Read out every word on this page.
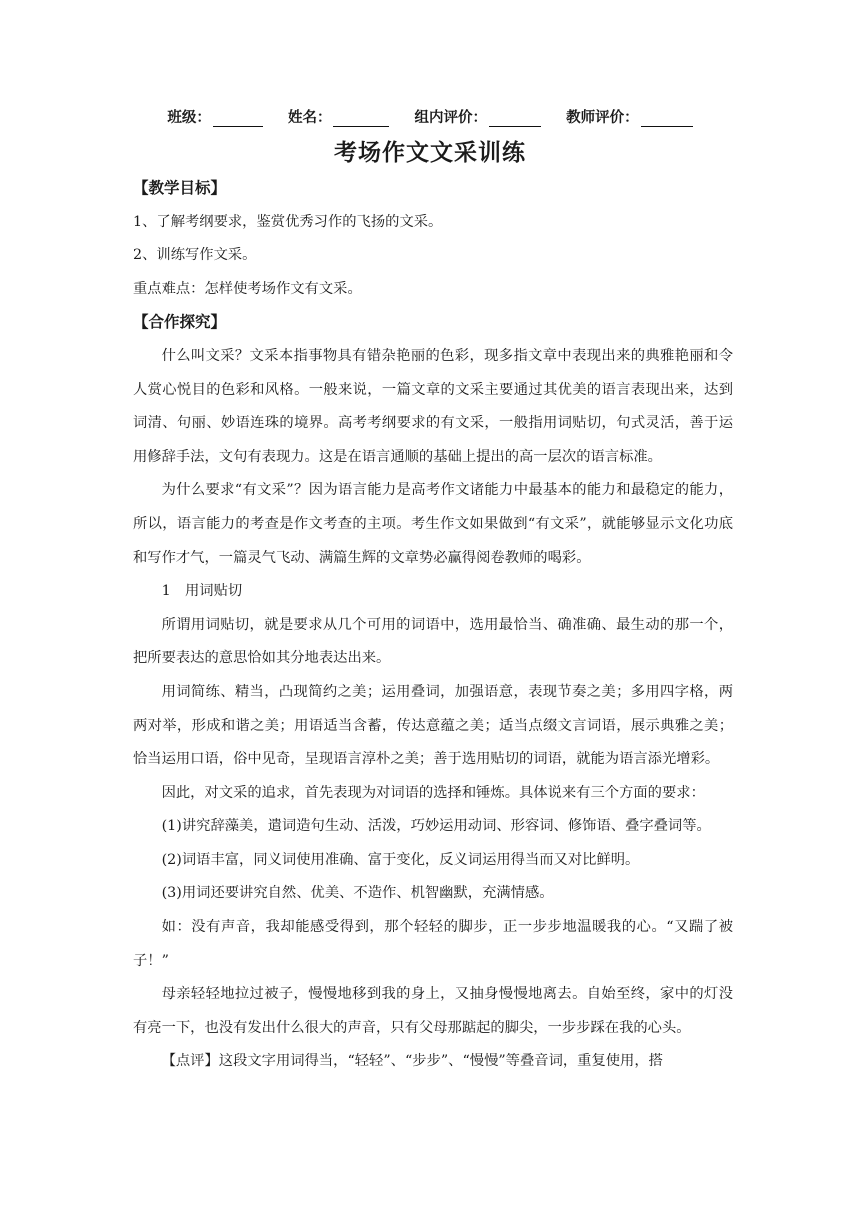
班级：	姓名：	组内评价：	教师评价：
考场作文文采训练

【教学目标】

1、了解考纲要求，鉴赏优秀习作的飞扬的文采。

2、训练写作文采。

重点难点：怎样使考场作文有文采。

【合作探究】

什么叫文采？文采本指事物具有错杂艳丽的色彩，现多指文章中表现出来的典雅艳丽和令人赏心悦目的色彩和风格。一般来说，一篇文章的文采主要通过其优美的语言表现出来，达到词清、句丽、妙语连珠的境界。高考考纲要求的有文采，一般指用词贴切，句式灵活，善于运用修辞手法，文句有表现力。这是在语言通顺的基础上提出的高一层次的语言标准。

为什么要求“有文采”？因为语言能力是高考作文诸能力中最基本的能力和最稳定的能力，所以，语言能力的考查是作文考查的主项。考生作文如果做到“有文采”，就能够显示文化功底和写作才气，一篇灵气飞动、满篇生辉的文章势必赢得阅卷教师的喝彩。

1　用词贴切

所谓用词贴切，就是要求从几个可用的词语中，选用最恰当、确准确、最生动的那一个，把所要表达的意思恰如其分地表达出来。

用词简练、精当，凸现简约之美；运用叠词，加强语意，表现节奏之美；多用四字格，两两对举，形成和谐之美；用语适当含蓄，传达意蕴之美；适当点缀文言词语，展示典雅之美；恰当运用口语，俗中见奇，呈现语言淳朴之美；善于选用贴切的词语，就能为语言添光增彩。

因此，对文采的追求，首先表现为对词语的选择和锤炼。具体说来有三个方面的要求：

(1)讲究辞藻美，遣词造句生动、活泼，巧妙运用动词、形容词、修饰语、叠字叠词等。

(2)词语丰富，同义词使用准确、富于变化，反义词运用得当而又对比鲜明。

(3)用词还要讲究自然、优美、不造作、机智幽默，充满情感。

如：没有声音，我却能感受得到，那个轻轻的脚步，正一步步地温暖我的心。“又踹了被子！”

母亲轻轻地拉过被子，慢慢地移到我的身上，又抽身慢慢地离去。自始至终，家中的灯没有亮一下，也没有发出什么很大的声音，只有父母那踮起的脚尖，一步步踩在我的心头。

【点评】这段文字用词得当，“轻轻”、“步步”、“慢慢”等叠音词，重复使用，搭
